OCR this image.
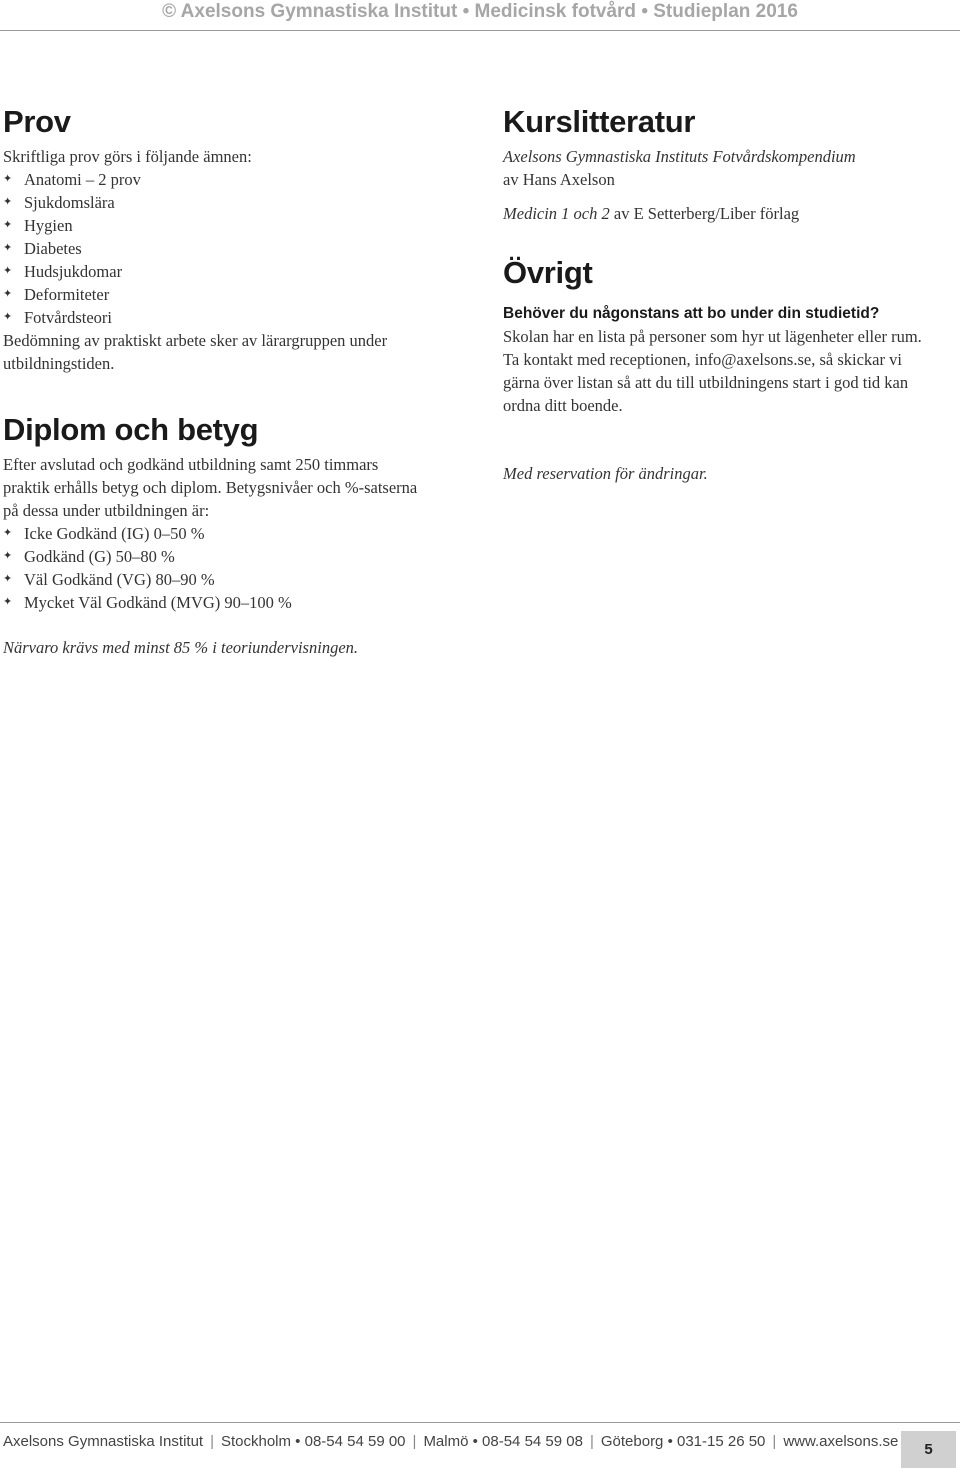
© Axelsons Gymnastiska Institut • Medicinsk fotvård • Studieplan 2016
Prov

Skriftliga prov görs i följande ämnen:

✦ Anatomi – 2 prov
✦ Sjukdomslära
✦ Hygien
✦ Diabetes
✦ Hudsjukdomar
✦ Deformiteter
✦ Fotvårdsteori

Bedömning av praktiskt arbete sker av lärargruppen under

utbildningstiden.

Diplom och betyg

Efter avslutad och godkänd utbildning samt 250 timmars

praktik erhålls betyg och diplom. Betygsnivåer och %-satserna

på dessa under utbildningen är:

✦ Icke Godkänd (IG) 0–50 %
✦ Godkänd (G) 50–80 %
✦ Väl Godkänd (VG) 80–90 %
✦ Mycket Väl Godkänd (MVG) 90–100 %

Närvaro krävs med minst 85 % i teoriundervisningen.

Kurslitteratur

Axelsons Gymnastiska Instituts Fotvårdskompendium

av Hans Axelson

Medicin 1 och 2 av E Setterberg/Liber förlag

Övrigt

Behöver du någonstans att bo under din studietid?

Skolan har en lista på personer som hyr ut lägenheter eller rum.

Ta kontakt med receptionen, info@axelsons.se, så skickar vi

gärna över listan så att du till utbildningens start i god tid kan

ordna ditt boende.

Med reservation för ändringar.

Axelsons Gymnastiska Institut | Stockholm • 08-54 54 59 00 | Malmö • 08-54 54 59 08 | Göteborg • 031-15 26 50 | www.axelsons.se	5
